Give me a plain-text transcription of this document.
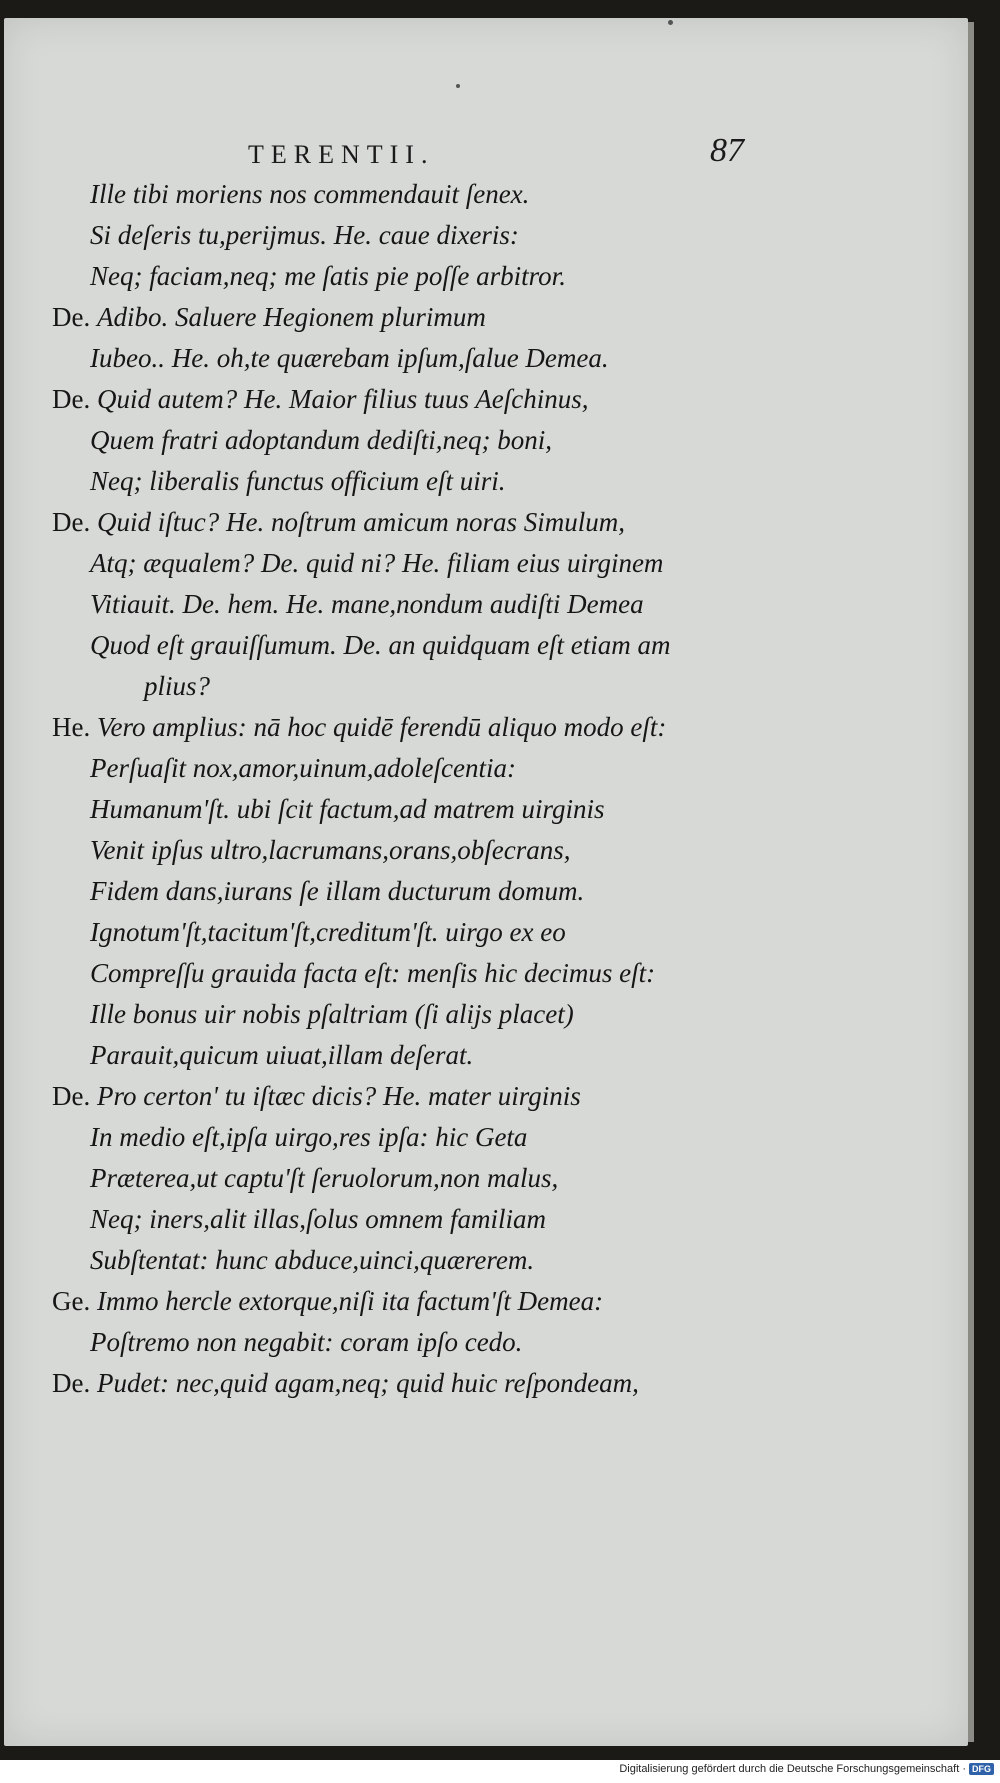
TERENTII.	87
Ille tibi moriens nos commendauit ſenex.
Si deſeris tu,perijmus. He. caue dixeris:
Neq; faciam,neq; me ſatis pie poſſe arbitror.
De. Adibo. Saluere Hegionem plurimum
Iubeo.. He. oh,te quærebam ipſum,ſalue Demea.
De. Quid autem? He. Maior filius tuus Aeſchinus,
Quem fratri adoptandum dediſti,neq; boni,
Neq; liberalis functus officium eſt uiri.
De. Quid iſtuc? He. noſtrum amicum noras Simulum,
Atq; æqualem? De. quid ni? He. filiam eius uirginem
Vitiauit. De. hem. He. mane,nondum audiſti Demea
Quod eſt grauiſſumum. De. an quidquam eſt etiam am
plius?
He. Vero amplius: nā hoc quidē ferendū aliquo modo eſt:
Perſuaſit nox,amor,uinum,adoleſcentia:
Humanum'ſt. ubi ſcit factum,ad matrem uirginis
Venit ipſus ultro,lacrumans,orans,obſecrans,
Fidem dans,iurans ſe illam ducturum domum.
Ignotum'ſt,tacitum'ſt,creditum'ſt. uirgo ex eo
Compreſſu grauida facta eſt: menſis hic decimus eſt:
Ille bonus uir nobis pſaltriam (ſi alijs placet)
Parauit,quicum uiuat,illam deſerat.
De. Pro certon' tu iſtæc dicis? He. mater uirginis
In medio eſt,ipſa uirgo,res ipſa: hic Geta
Præterea,ut captu'ſt ſeruolorum,non malus,
Neq; iners,alit illas,ſolus omnem familiam
Subſtentat: hunc abduce,uinci,quærerem.
Ge. Immo hercle extorque,niſi ita factum'ſt Demea:
Poſtremo non negabit: coram ipſo cedo.
De. Pudet: nec,quid agam,neq; quid huic reſpondeam,
Digitalisierung gefördert durch die Deutsche Forschungsgemeinschaft · DFG
